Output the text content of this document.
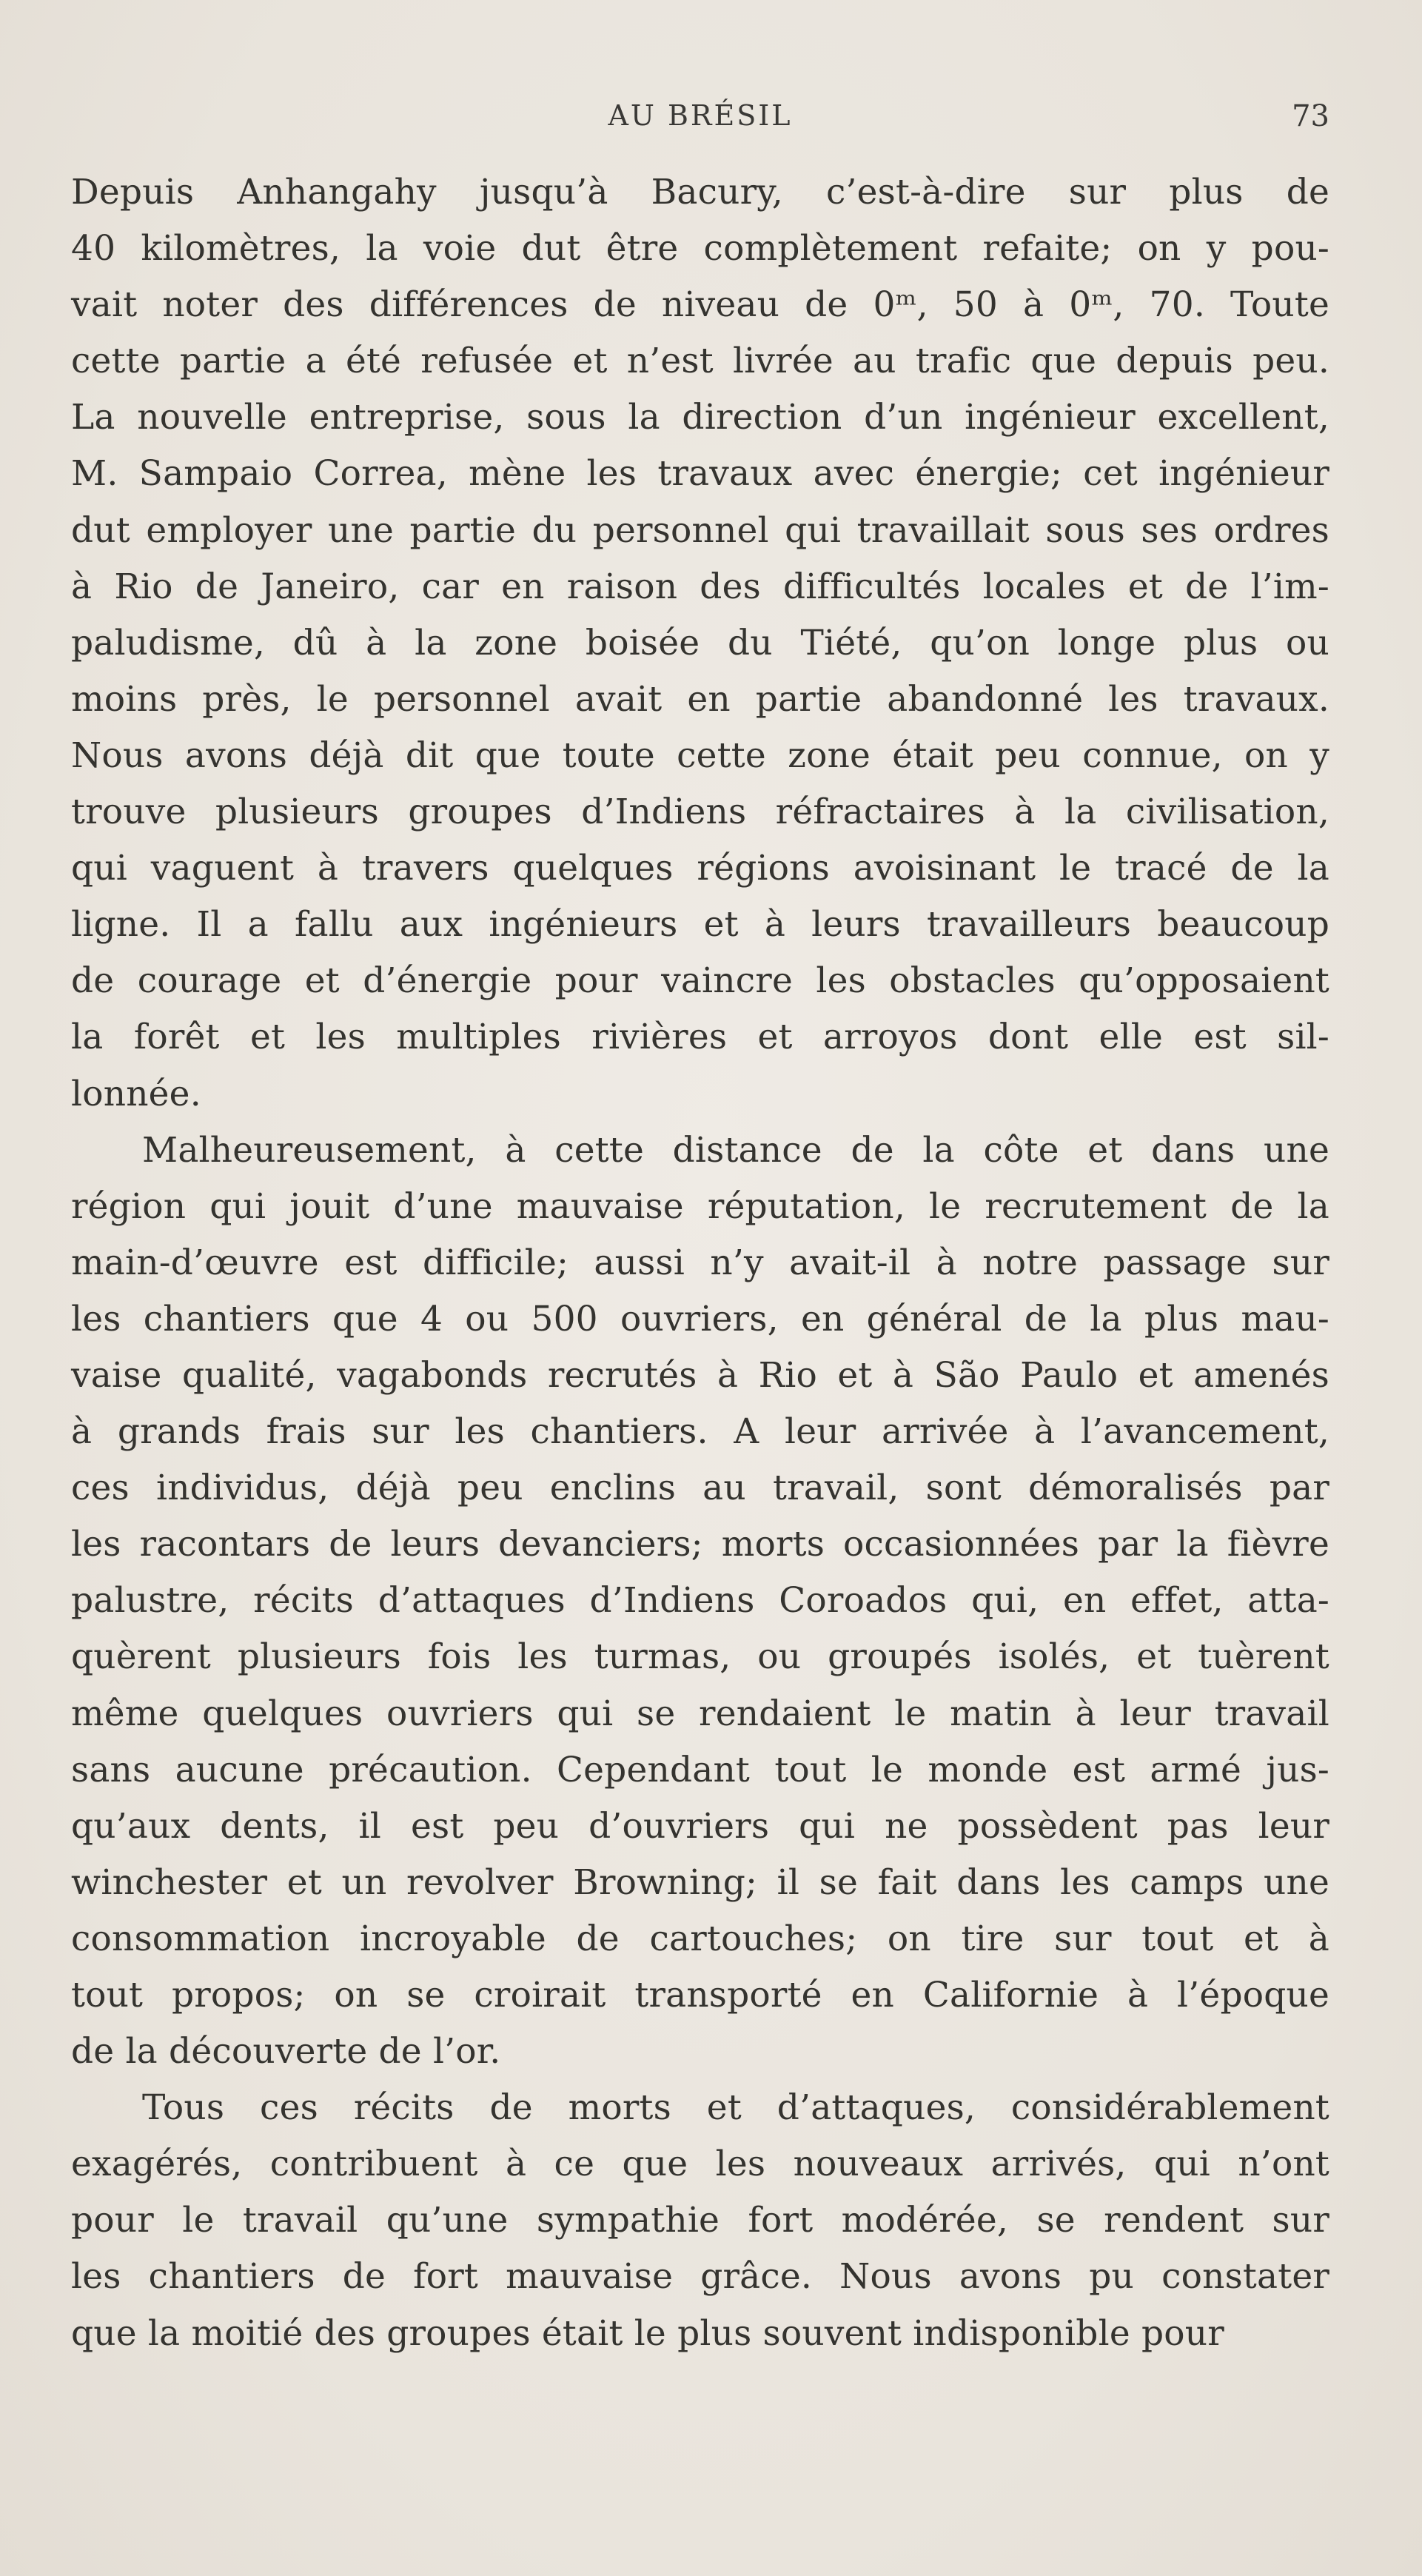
AU BRÉSIL	73
Depuis Anhangahy jusqu’à Bacury, c’est-à-dire sur plus de
40 kilomètres, la voie dut être complètement refaite; on y pou-
vait noter des différences de niveau de 0ᵐ, 50 à 0ᵐ, 70. Toute
cette partie a été refusée et n’est livrée au trafic que depuis peu.
La nouvelle entreprise, sous la direction d’un ingénieur excellent,
M. Sampaio Correa, mène les travaux avec énergie; cet ingénieur
dut employer une partie du personnel qui travaillait sous ses ordres
à Rio de Janeiro, car en raison des difficultés locales et de l’im-
paludisme, dû à la zone boisée du Tiété, qu’on longe plus ou
moins près, le personnel avait en partie abandonné les travaux.
Nous avons déjà dit que toute cette zone était peu connue, on y
trouve plusieurs groupes d’Indiens réfractaires à la civilisation,
qui vaguent à travers quelques régions avoisinant le tracé de la
ligne. Il a fallu aux ingénieurs et à leurs travailleurs beaucoup
de courage et d’énergie pour vaincre les obstacles qu’opposaient
la forêt et les multiples rivières et arroyos dont elle est sil-
lonnée.
Malheureusement, à cette distance de la côte et dans une
région qui jouit d’une mauvaise réputation, le recrutement de la
main-d’œuvre est difficile; aussi n’y avait-il à notre passage sur
les chantiers que 4 ou 500 ouvriers, en général de la plus mau-
vaise qualité, vagabonds recrutés à Rio et à São Paulo et amenés
à grands frais sur les chantiers. A leur arrivée à l’avancement,
ces individus, déjà peu enclins au travail, sont démoralisés par
les racontars de leurs devanciers; morts occasionnées par la fièvre
palustre, récits d’attaques d’Indiens Coroados qui, en effet, atta-
quèrent plusieurs fois les turmas, ou groupés isolés, et tuèrent
même quelques ouvriers qui se rendaient le matin à leur travail
sans aucune précaution. Cependant tout le monde est armé jus-
qu’aux dents, il est peu d’ouvriers qui ne possèdent pas leur
winchester et un revolver Browning; il se fait dans les camps une
consommation incroyable de cartouches; on tire sur tout et à
tout propos; on se croirait transporté en Californie à l’époque
de la découverte de l’or.
Tous ces récits de morts et d’attaques, considérablement
exagérés, contribuent à ce que les nouveaux arrivés, qui n’ont
pour le travail qu’une sympathie fort modérée, se rendent sur
les chantiers de fort mauvaise grâce. Nous avons pu constater
que la moitié des groupes était le plus souvent indisponible pour
